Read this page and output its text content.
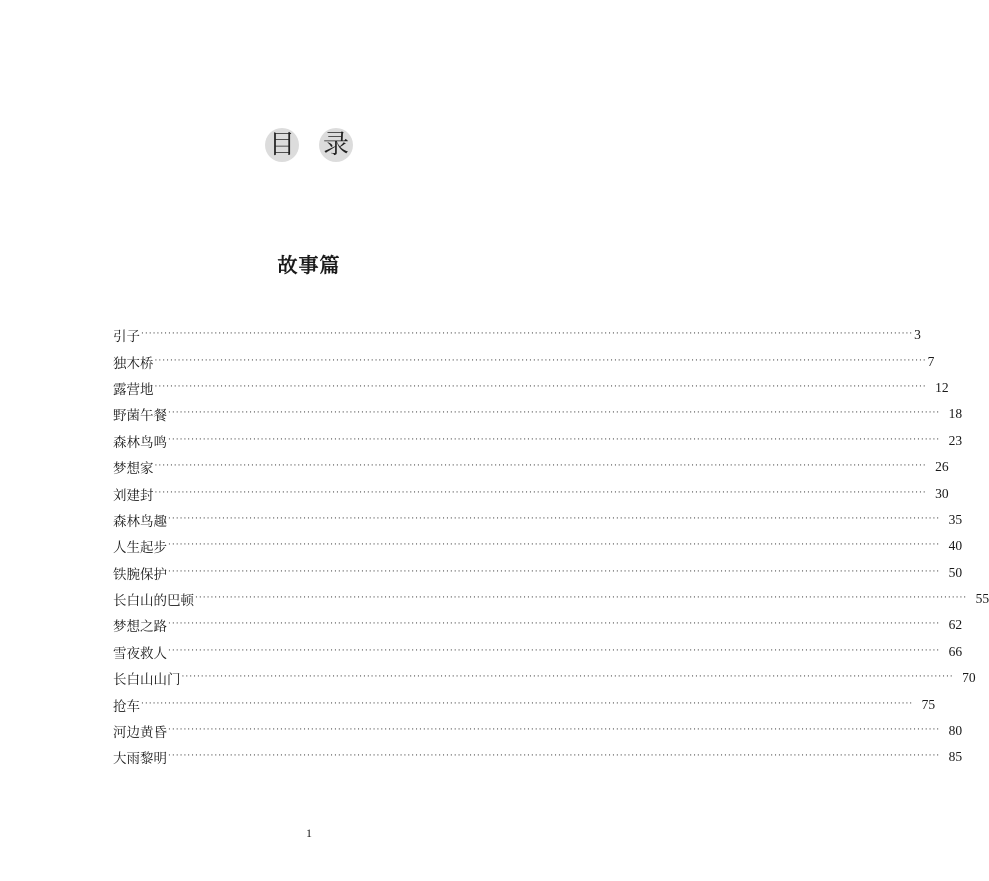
目 录
故事篇
引子 ········································································································································································································ 3
独木桥 ········································································································································································································ 7
露营地 ········································································································································································································ 12
野菌午餐 ········································································································································································································ 18
森林鸟鸣 ········································································································································································································ 23
梦想家 ········································································································································································································ 26
刘建封 ········································································································································································································ 30
森林鸟趣 ········································································································································································································ 35
人生起步 ········································································································································································································ 40
铁腕保护 ········································································································································································································ 50
长白山的巴顿 ········································································································································································································ 55
梦想之路 ········································································································································································································ 62
雪夜救人 ········································································································································································································ 66
长白山山门 ········································································································································································································ 70
抢车 ········································································································································································································ 75
河边黄昏 ········································································································································································································ 80
大雨黎明 ········································································································································································································ 85
1
